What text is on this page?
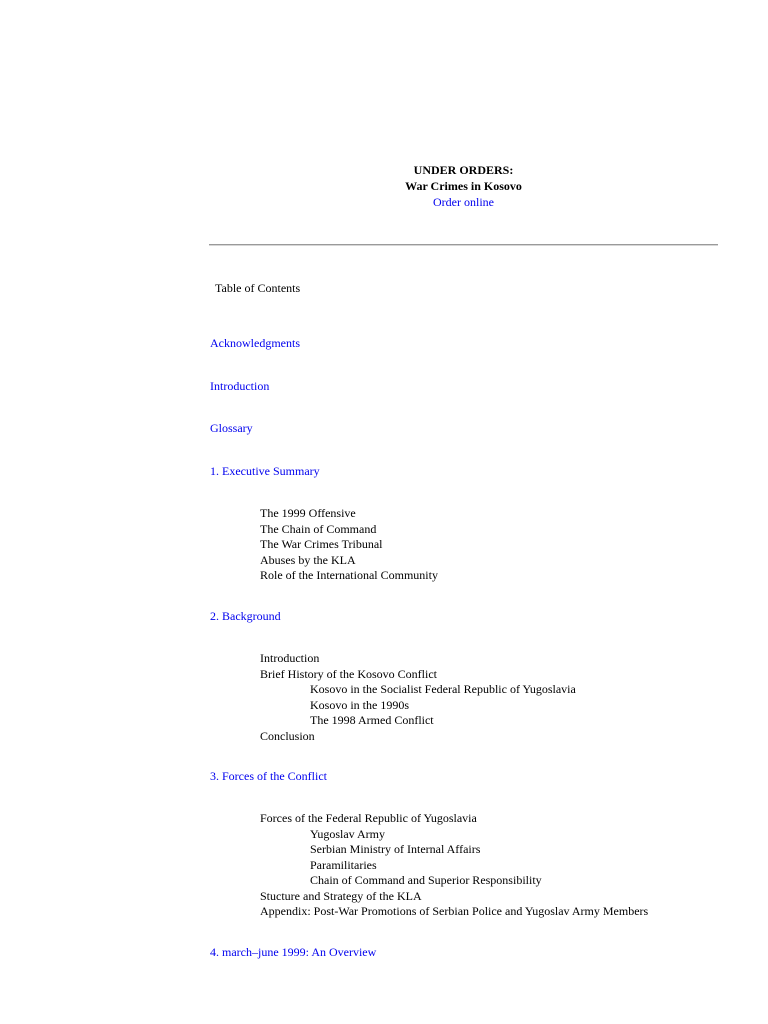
UNDER ORDERS:
War Crimes in Kosovo
Order online
Table of Contents
Acknowledgments
Introduction
Glossary
1. Executive Summary
The 1999 Offensive
The Chain of Command
The War Crimes Tribunal
Abuses by the KLA
Role of the International Community
2. Background
Introduction
Brief History of the Kosovo Conflict
Kosovo in the Socialist Federal Republic of Yugoslavia
Kosovo in the 1990s
The 1998 Armed Conflict
Conclusion
3. Forces of the Conflict
Forces of the Federal Republic of Yugoslavia
Yugoslav Army
Serbian Ministry of Internal Affairs
Paramilitaries
Chain of Command and Superior Responsibility
Stucture and Strategy of the KLA
Appendix: Post-War Promotions of Serbian Police and Yugoslav Army Members
4. march–june 1999: An Overview
